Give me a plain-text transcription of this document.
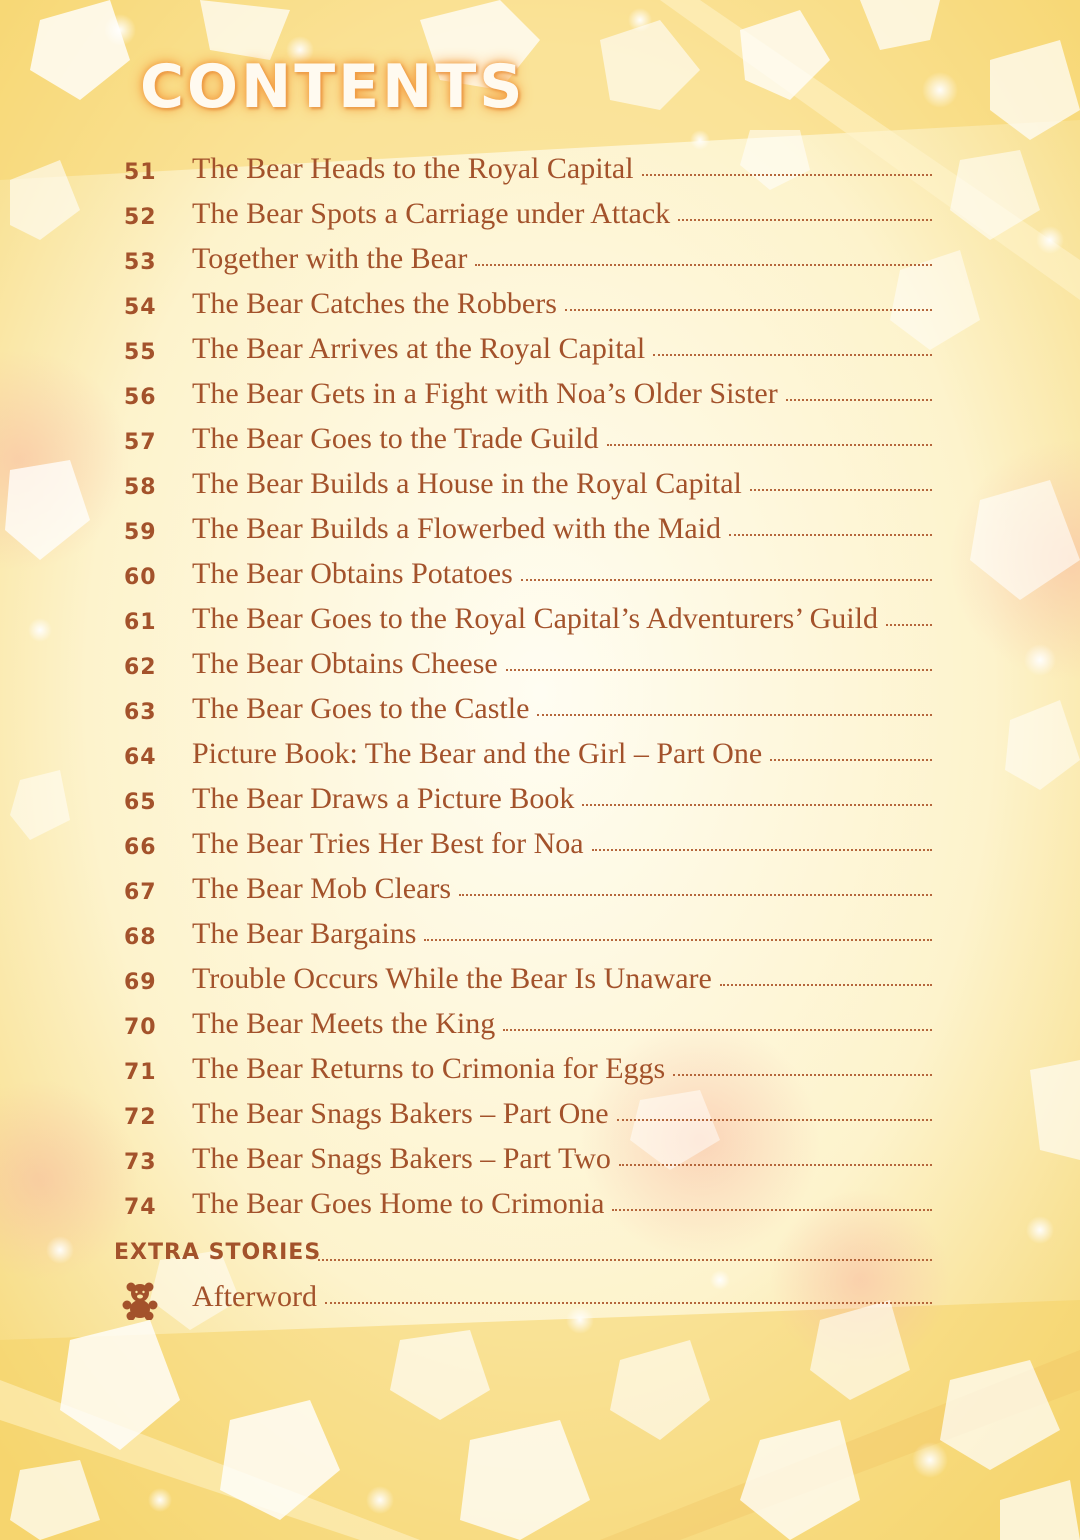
CONTENTS
51 The Bear Heads to the Royal Capital
52 The Bear Spots a Carriage under Attack
53 Together with the Bear
54 The Bear Catches the Robbers
55 The Bear Arrives at the Royal Capital
56 The Bear Gets in a Fight with Noa’s Older Sister
57 The Bear Goes to the Trade Guild
58 The Bear Builds a House in the Royal Capital
59 The Bear Builds a Flowerbed with the Maid
60 The Bear Obtains Potatoes
61 The Bear Goes to the Royal Capital’s Adventurers’ Guild
62 The Bear Obtains Cheese
63 The Bear Goes to the Castle
64 Picture Book: The Bear and the Girl – Part One
65 The Bear Draws a Picture Book
66 The Bear Tries Her Best for Noa
67 The Bear Mob Clears
68 The Bear Bargains
69 Trouble Occurs While the Bear Is Unaware
70 The Bear Meets the King
71 The Bear Returns to Crimonia for Eggs
72 The Bear Snags Bakers – Part One
73 The Bear Snags Bakers – Part Two
74 The Bear Goes Home to Crimonia
EXTRA STORIES
Afterword
